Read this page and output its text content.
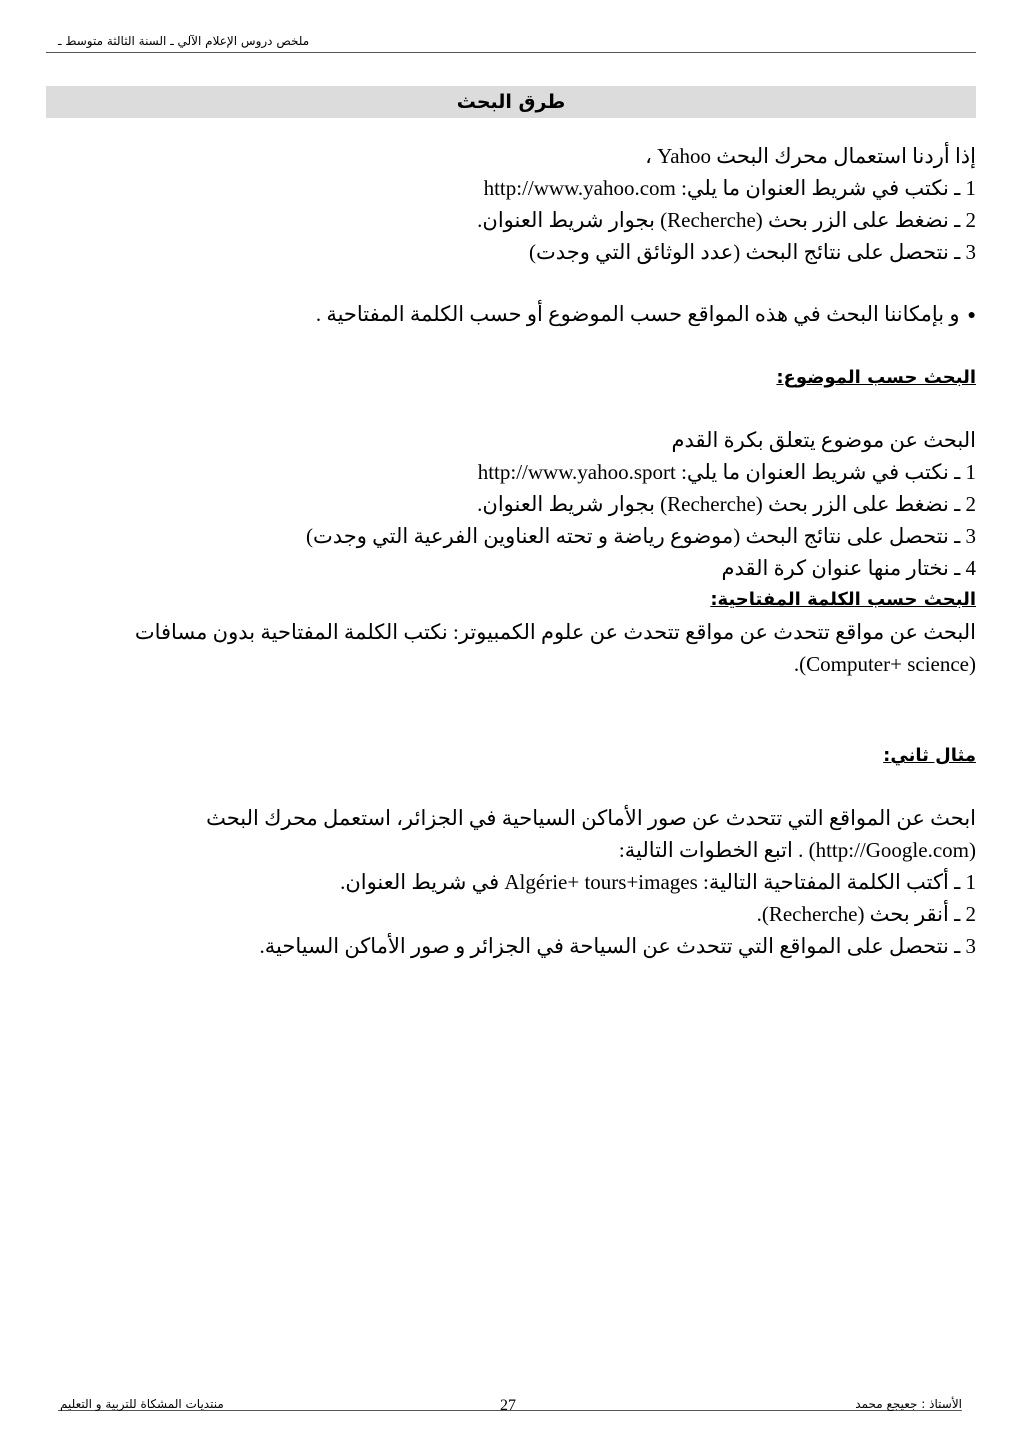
ملخص دروس الإعلام الآلي ـ السنة الثالثة متوسط ـ
طرق البحث

إذا أردنا استعمال محرك البحث Yahoo ،

1 ـ نكتب في شريط العنوان ما يلي: http://www.yahoo.com

2 ـ نضغط على الزر بحث (Recherche) بجوار شريط العنوان.

3 ـ نتحصل على نتائج البحث (عدد الوثائق التي وجدت)

● و بإمكاننا البحث في هذه المواقع حسب الموضوع أو حسب الكلمة المفتاحية .

البحث حسب الموضوع:

البحث عن موضوع يتعلق بكرة القدم

1 ـ نكتب في شريط العنوان ما يلي: http://www.yahoo.sport

2 ـ نضغط على الزر بحث (Recherche) بجوار شريط العنوان.

3 ـ نتحصل على نتائج البحث (موضوع رياضة و تحته العناوين الفرعية التي وجدت)

4 ـ نختار منها عنوان كرة القدم

البحث حسب الكلمة المفتاحية:

البحث عن مواقع تتحدث عن مواقع تتحدث عن علوم الكمبيوتر: نكتب الكلمة المفتاحية بدون مسافات

(Computer+ science).

مثال ثاني:

ابحث عن المواقع التي تتحدث عن صور الأماكن السياحية في الجزائر، استعمل محرك البحث

(http://Google.com) . اتبع الخطوات التالية:

1 ـ أكتب الكلمة المفتاحية التالية: Algérie+ tours+images في شريط العنوان.

2 ـ أنقر بحث (Recherche).

3 ـ نتحصل على المواقع التي تتحدث عن السياحة في الجزائر و صور الأماكن السياحية.

منتديات المشكاة للتربية و التعليم	27	الأستاذ : جعيجع محمد
